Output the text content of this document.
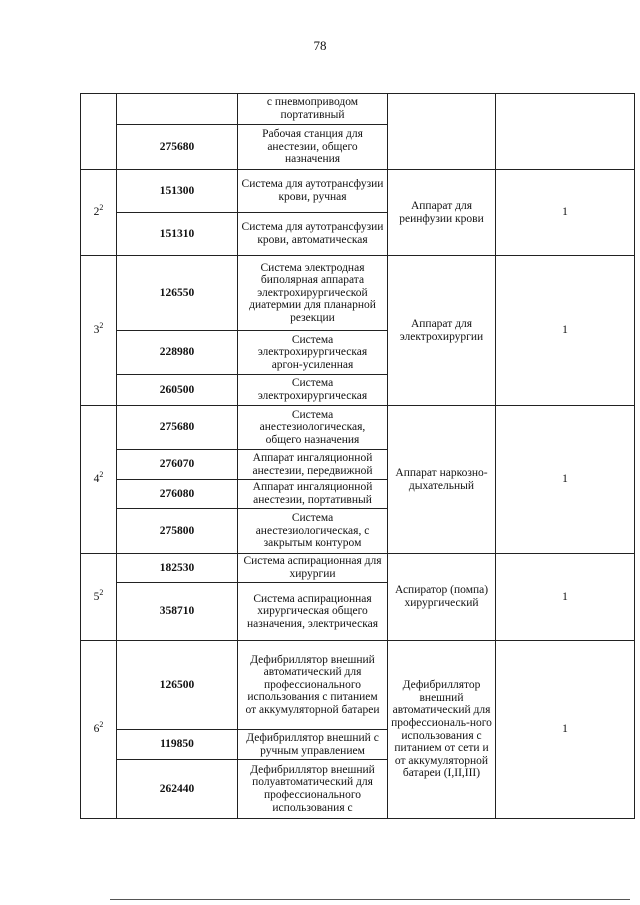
78
		с пневмоприводом портативный		
	275680	Рабочая станция для анестезии, общего назначения		
$2^2$	151300	Система для аутотрансфузии крови, ручная	Аппарат для реинфузии крови	1
	151310	Система для аутотрансфузии крови, автоматическая		
$3^2$	126550	Система электродная биполярная аппарата электрохирургической диатермии для планарной резекции	Аппарат для электрохирургии	1
	228980	Система электрохирургическая аргон-усиленная		
	260500	Система электрохирургическая		
$4^2$	275680	Система анестезиологическая, общего назначения	Аппарат наркозно-дыхательный	1
	276070	Аппарат ингаляционной анестезии, передвижной		
	276080	Аппарат ингаляционной анестезии, портативный		
	275800	Система анестезиологическая, с закрытым контуром		
$5^2$	182530	Система аспирационная для хирургии	Аспиратор (помпа) хирургический	1
	358710	Система аспирационная хирургическая общего назначения, электрическая		
$6^2$	126500	Дефибриллятор внешний автоматический для профессионального использования с питанием от аккумуляторной батареи	Дефибриллятор внешний автоматический для профессиональ-ного использования с питанием от сети и от аккумуляторной батареи (I,II,III)	1
	119850	Дефибриллятор внешний с ручным управлением		
	262440	Дефибриллятор внешний полуавтоматический для профессионального использования с		
